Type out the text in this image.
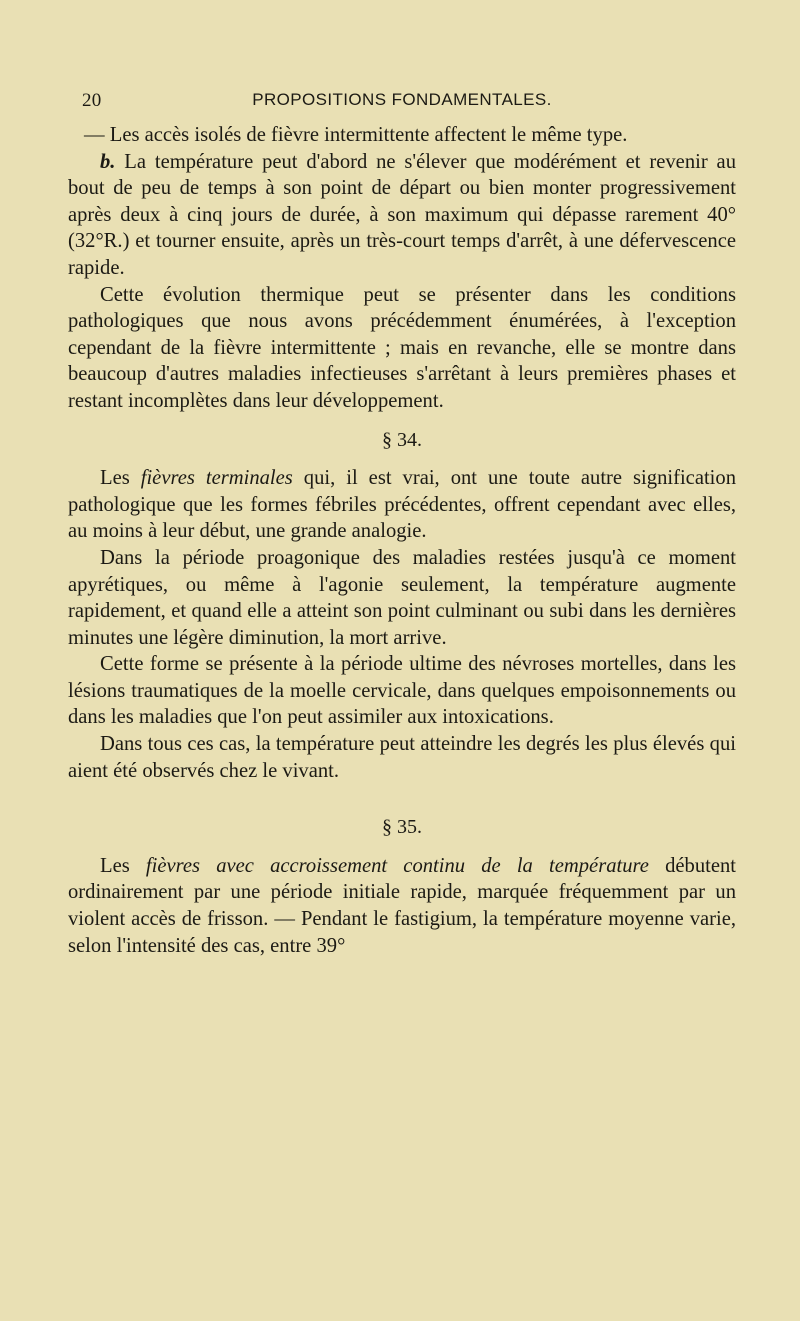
20	PROPOSITIONS FONDAMENTALES.

— Les accès isolés de fièvre intermittente affectent le même type.

b. La température peut d'abord ne s'élever que modérément et revenir au bout de peu de temps à son point de départ ou bien monter progressivement après deux à cinq jours de durée, à son maximum qui dépasse rarement 40°(32°R.) et tourner ensuite, après un très-court temps d'arrêt, à une défervescence rapide.

Cette évolution thermique peut se présenter dans les conditions pathologiques que nous avons précédemment énumérées, à l'exception cependant de la fièvre intermittente ; mais en revanche, elle se montre dans beaucoup d'autres maladies infectieuses s'arrêtant à leurs premières phases et restant incomplètes dans leur développement.

§ 34.

Les fièvres terminales qui, il est vrai, ont une toute autre signification pathologique que les formes fébriles précédentes, offrent cependant avec elles, au moins à leur début, une grande analogie.

Dans la période proagonique des maladies restées jusqu'à ce moment apyrétiques, ou même à l'agonie seulement, la température augmente rapidement, et quand elle a atteint son point culminant ou subi dans les dernières minutes une légère diminution, la mort arrive.

Cette forme se présente à la période ultime des névroses mortelles, dans les lésions traumatiques de la moelle cervicale, dans quelques empoisonnements ou dans les maladies que l'on peut assimiler aux intoxications.

Dans tous ces cas, la température peut atteindre les degrés les plus élevés qui aient été observés chez le vivant.

§ 35.

Les fièvres avec accroissement continu de la température débutent ordinairement par une période initiale rapide, marquée fréquemment par un violent accès de frisson. — Pendant le fastigium, la température moyenne varie, selon l'intensité des cas, entre 39°
